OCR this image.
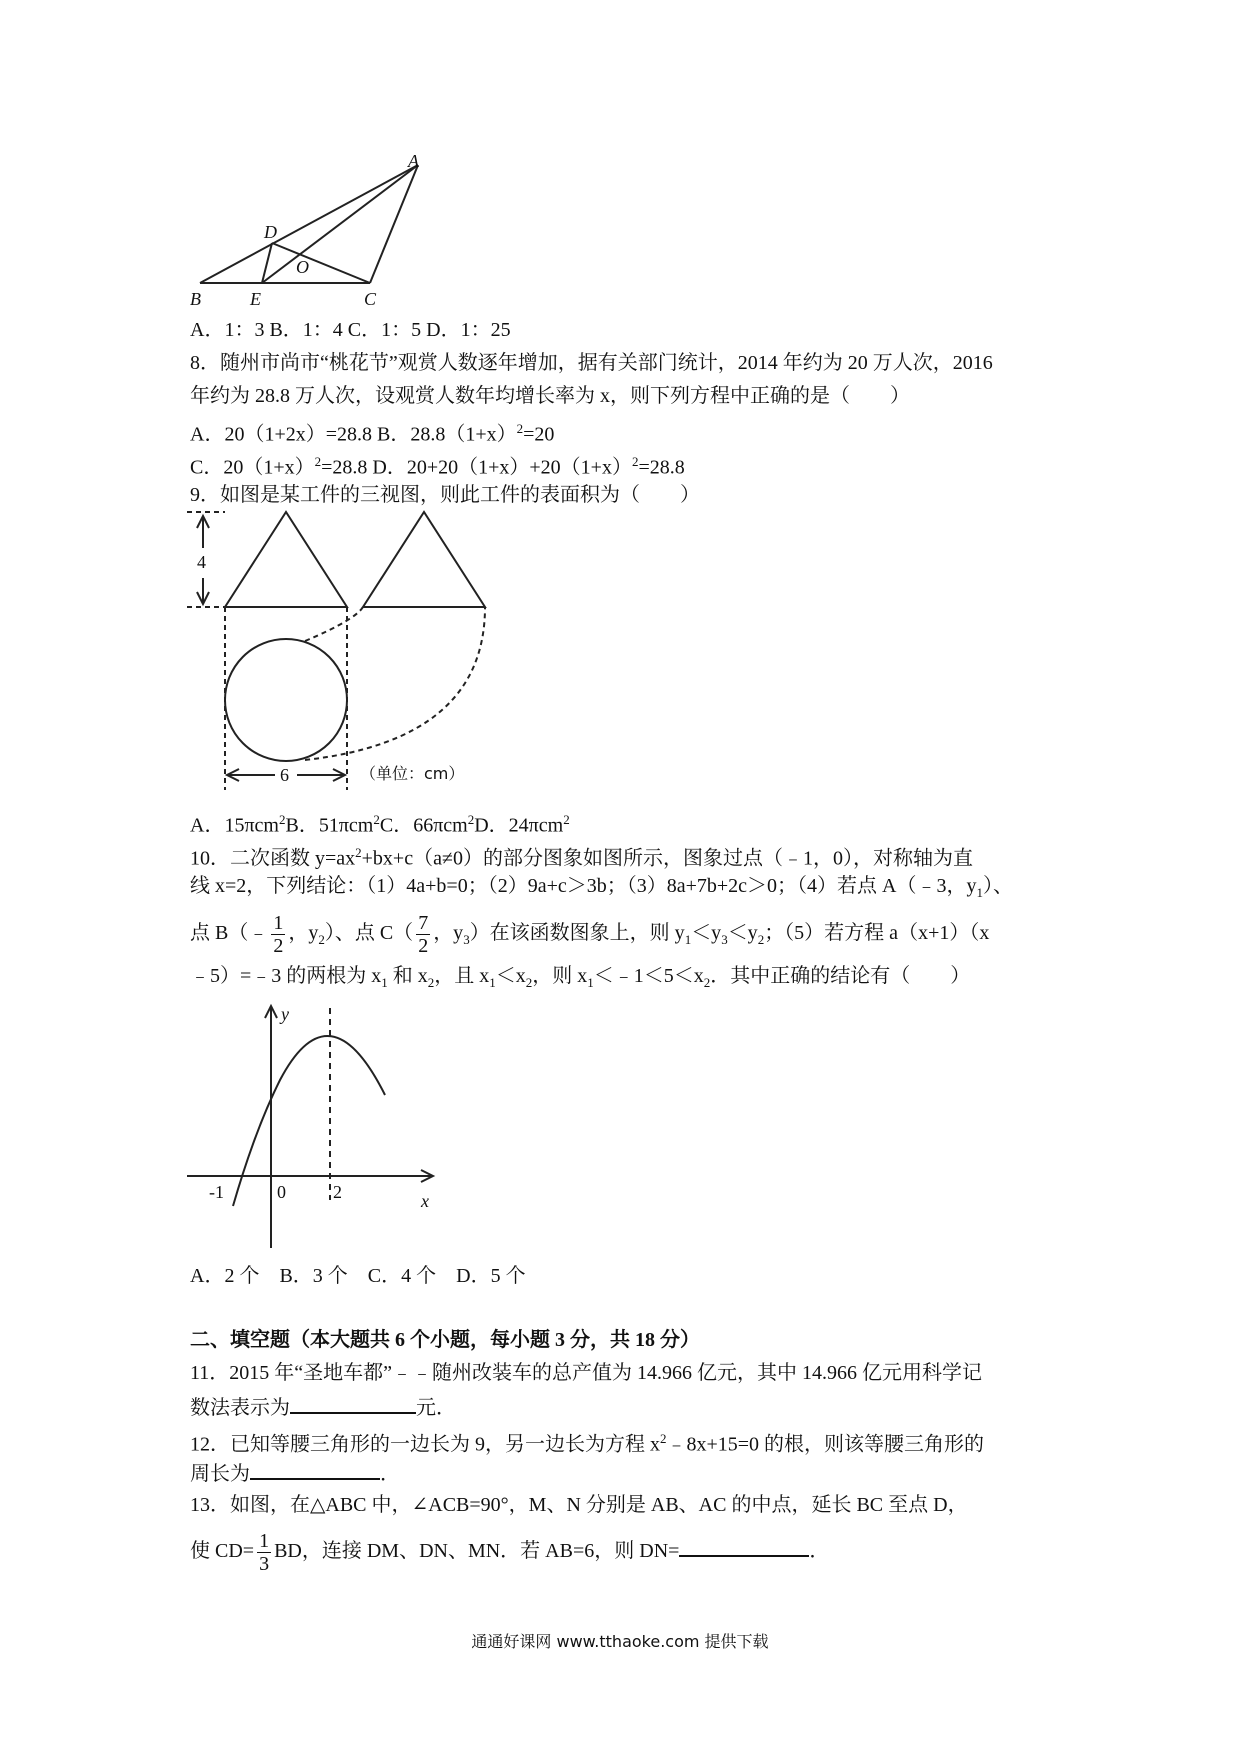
A
B	C
D
E
O
A．1：3 B．1：4 C．1：5 D．1：25
8．随州市尚市“桃花节”观赏人数逐年增加，据有关部门统计，2014 年约为 20 万人次，2016
年约为 28.8 万人次，设观赏人数年均增长率为 x，则下列方程中正确的是（　　）
A．20（1+2x）=28.8 B．$28.8(1+x)^2=20$
C．$20(1+x)^2=28.8$ D．$20+20(1+x)+20(1+x)^2=28.8$
9．如图是某工件的三视图，则此工件的表面积为（　　）
4
6	（单位：cm）
A．15πcm$^2$B．51πcm$^2$C．66πcm$^2$D．24πcm$^2$
10．二次函数 $y=ax^2+bx+c(a\ne 0)$的部分图象如图所示，图象过点（﹣1，0），对称轴为直
线 x=2，下列结论：（1）4a+b=0；（2）9a+c＞3b；（3）8a+7b+2c＞0；（4）若点 A（﹣3，$y_1$）、
点 B（﹣ $\frac{1}{2}$ ，$y_2$）、点 $C( \frac{7}{2}$ ，$y_3$）在该函数图象上，则 $y_1<y_3<y_2$；（5）若方程 a（x+1）（x
﹣5）=﹣3 的两根为 $x_1$ 和 $x_2$，且 $x_1<x_2$，则 $x_1<﹣1<5<x_2$．其中正确的结论有（　　）
y
x
-1	0	2
A．2 个　B．3 个　C．4 个　D．5 个
二、填空题（本大题共 6 个小题，每小题 3 分，共 18 分）
11．2015 年“圣地车都”﹣﹣随州改装车的总产值为 14.966 亿元，其中 14.966 亿元用科学记
数法表示为	元．
12．已知等腰三角形的一边长为 9，另一边长为方程 $x^2﹣8x+15=0$ 的根，则该等腰三角形的
周长为	．
13．如图，在△ABC 中，∠ACB=90°，M、N 分别是 AB、AC 的中点，延长 BC 至点 D，
使 $CD= \frac{1}{3}$ BD，连接 DM、DN、MN．若 AB=6，则 DN=	．
通通好课网 www.tthaoke.com 提供下载
